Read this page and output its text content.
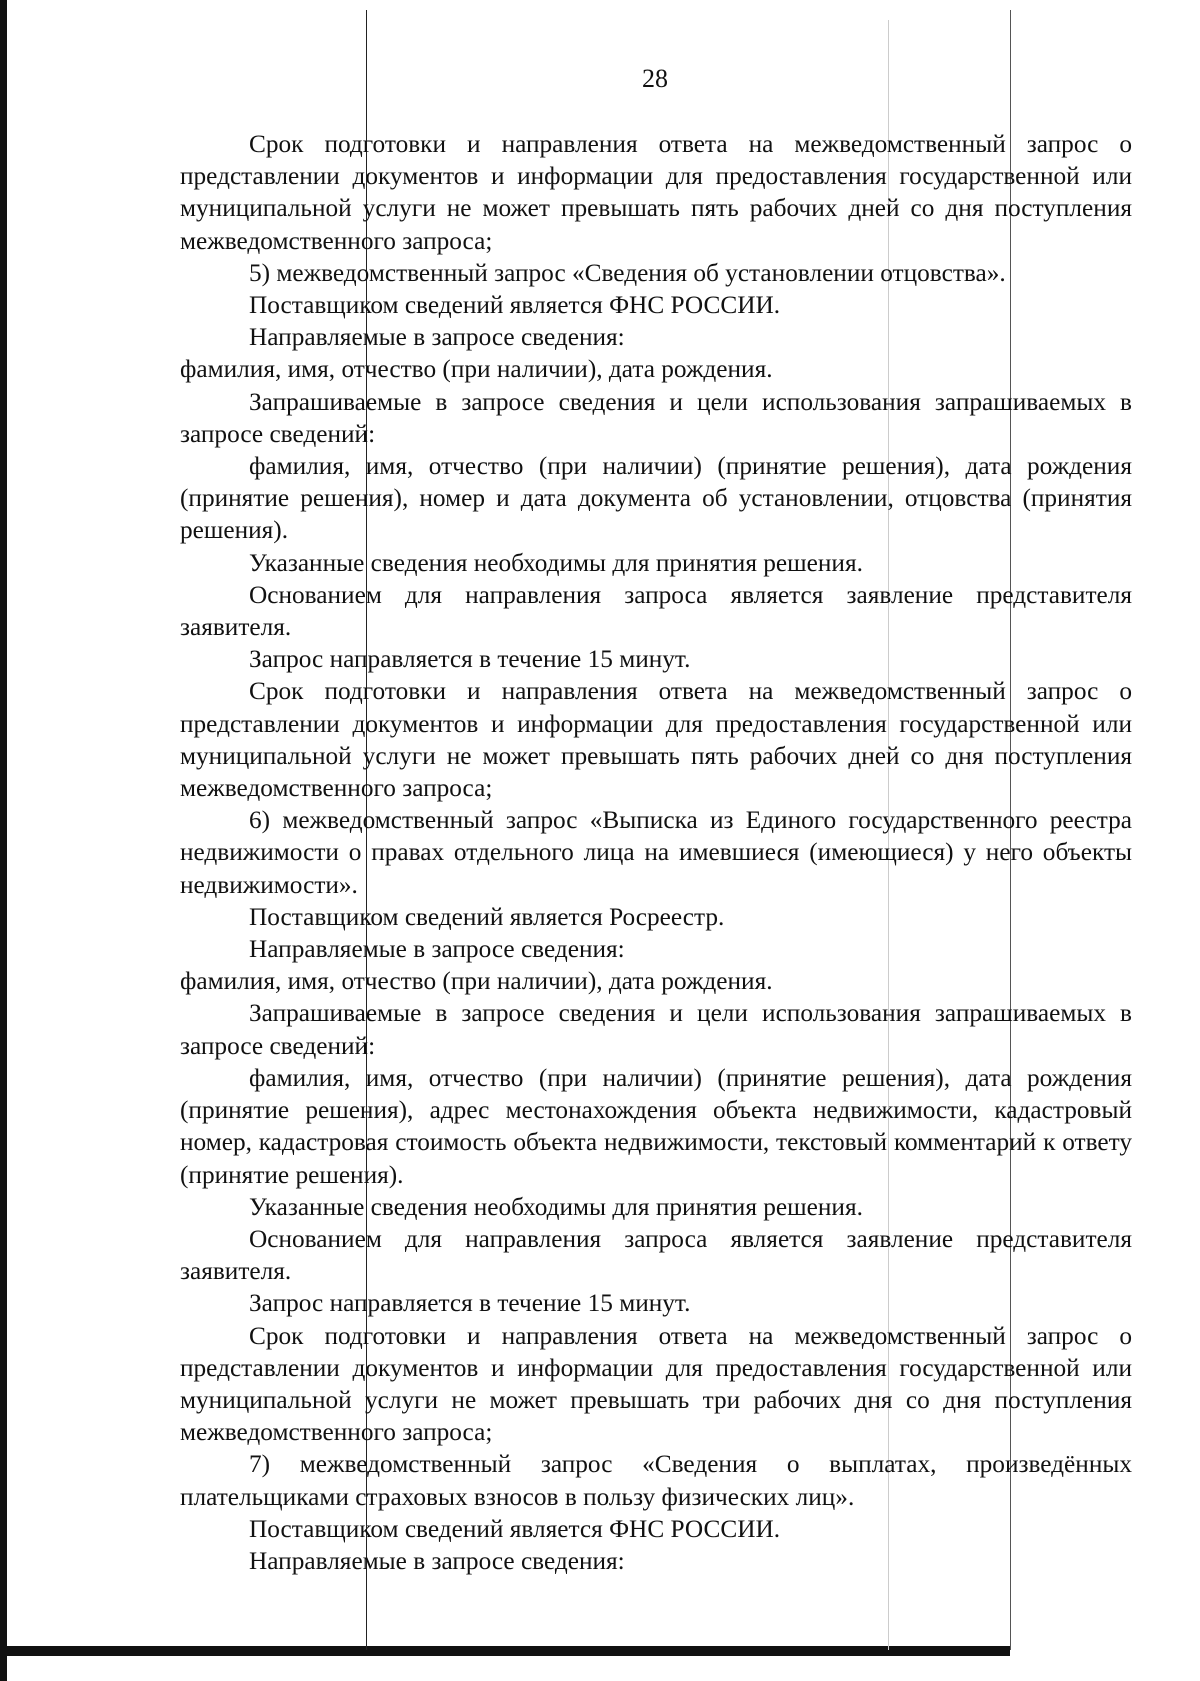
28

Срок подготовки и направления ответа на межведомственный запрос о представлении документов и информации для предоставления государственной или муниципальной услуги не может превышать пять рабочих дней со дня поступления межведомственного запроса;

5) межведомственный запрос «Сведения об установлении отцовства».

Поставщиком сведений является ФНС РОССИИ.

Направляемые в запросе сведения:

фамилия, имя, отчество (при наличии), дата рождения.

Запрашиваемые в запросе сведения и цели использования запрашиваемых в запросе сведений:

фамилия, имя, отчество (при наличии) (принятие решения), дата рождения (принятие решения), номер и дата документа об установлении, отцовства (принятия решения).

Указанные сведения необходимы для принятия решения.

Основанием для направления запроса является заявление представителя заявителя.

Запрос направляется в течение 15 минут.

Срок подготовки и направления ответа на межведомственный запрос о представлении документов и информации для предоставления государственной или муниципальной услуги не может превышать пять рабочих дней со дня поступления межведомственного запроса;

6) межведомственный запрос «Выписка из Единого государственного реестра недвижимости о правах отдельного лица на имевшиеся (имеющиеся) у него объекты недвижимости».

Поставщиком сведений является Росреестр.

Направляемые в запросе сведения:

фамилия, имя, отчество (при наличии), дата рождения.

Запрашиваемые в запросе сведения и цели использования запрашиваемых в запросе сведений:

фамилия, имя, отчество (при наличии) (принятие решения), дата рождения (принятие решения), адрес местонахождения объекта недвижимости, кадастровый номер, кадастровая стоимость объекта недвижимости, текстовый комментарий к ответу (принятие решения).

Указанные сведения необходимы для принятия решения.

Основанием для направления запроса является заявление представителя заявителя.

Запрос направляется в течение 15 минут.

Срок подготовки и направления ответа на межведомственный запрос о представлении документов и информации для предоставления государственной или муниципальной услуги не может превышать три рабочих дня со дня поступления межведомственного запроса;

7) межведомственный запрос «Сведения о выплатах, произведённых плательщиками страховых взносов в пользу физических лиц».

Поставщиком сведений является ФНС РОССИИ.

Направляемые в запросе сведения:
